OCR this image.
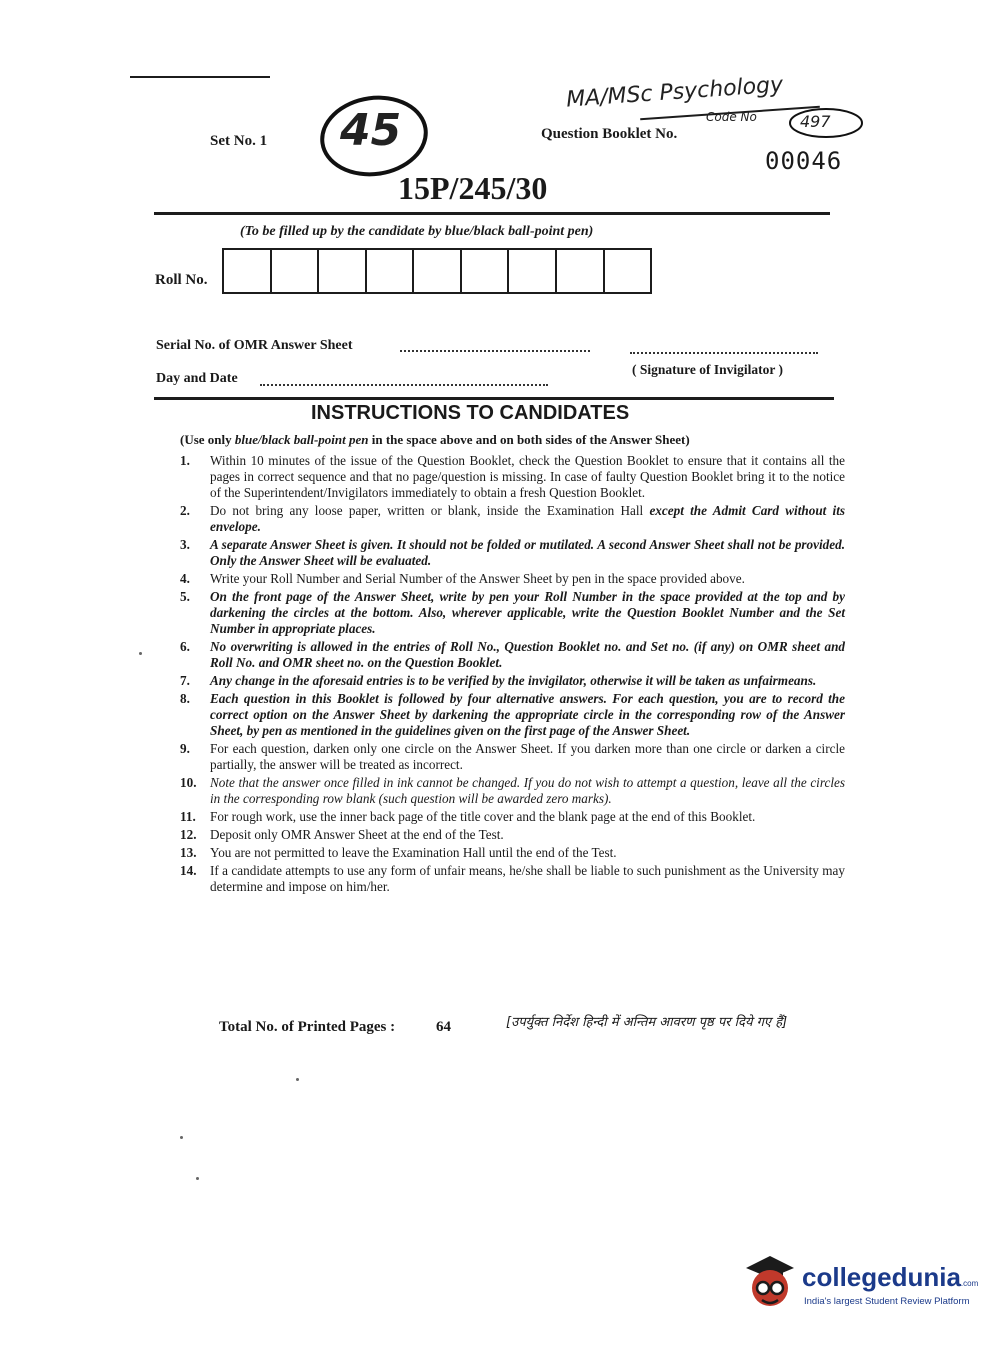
Set No. 1 45
MA/MSc Psychology
Code No	497
Question Booklet No.
00046
15P/245/30
(To be filled up by the candidate by blue/black ball-point pen)
Roll No.
Serial No. of OMR Answer Sheet
Day and Date
( Signature of Invigilator )
INSTRUCTIONS TO CANDIDATES
(Use only blue/black ball-point pen in the space above and on both sides of the Answer Sheet)
1.	Within 10 minutes of the issue of the Question Booklet, check the Question Booklet to ensure that it contains all the pages in correct sequence and that no page/question is missing. In case of faulty Question Booklet bring it to the notice of the Superintendent/Invigilators immediately to obtain a fresh Question Booklet.
2.	Do not bring any loose paper, written or blank, inside the Examination Hall except the Admit Card without its envelope.
3.	A separate Answer Sheet is given. It should not be folded or mutilated. A second Answer Sheet shall not be provided. Only the Answer Sheet will be evaluated.
4.	Write your Roll Number and Serial Number of the Answer Sheet by pen in the space provided above.
5.	On the front page of the Answer Sheet, write by pen your Roll Number in the space provided at the top and by darkening the circles at the bottom. Also, wherever applicable, write the Question Booklet Number and the Set Number in appropriate places.
6.	No overwriting is allowed in the entries of Roll No., Question Booklet no. and Set no. (if any) on OMR sheet and Roll No. and OMR sheet no. on the Question Booklet.
7.	Any change in the aforesaid entries is to be verified by the invigilator, otherwise it will be taken as unfairmeans.
8.	Each question in this Booklet is followed by four alternative answers. For each question, you are to record the correct option on the Answer Sheet by darkening the appropriate circle in the corresponding row of the Answer Sheet, by pen as mentioned in the guidelines given on the first page of the Answer Sheet.
9.	For each question, darken only one circle on the Answer Sheet. If you darken more than one circle or darken a circle partially, the answer will be treated as incorrect.
10.	Note that the answer once filled in ink cannot be changed. If you do not wish to attempt a question, leave all the circles in the corresponding row blank (such question will be awarded zero marks).
11.	For rough work, use the inner back page of the title cover and the blank page at the end of this Booklet.
12.	Deposit only OMR Answer Sheet at the end of the Test.
13.	You are not permitted to leave the Examination Hall until the end of the Test.
14.	If a candidate attempts to use any form of unfair means, he/she shall be liable to such punishment as the University may determine and impose on him/her.
Total No. of Printed Pages :	64	[उपर्युक्त निर्देश हिन्दी में अन्तिम आवरण पृष्ठ पर दिये गए हैं]
collegedunia.com
India's largest Student Review Platform
